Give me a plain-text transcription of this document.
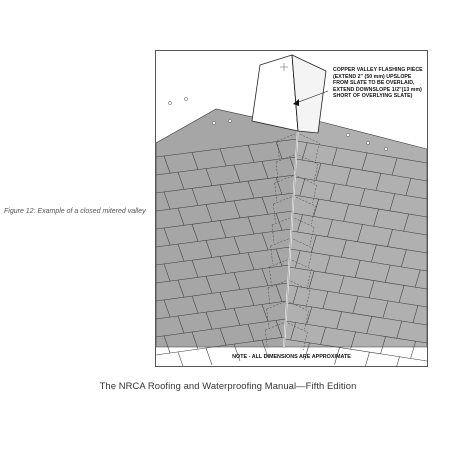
Figure 12: Example of a closed mitered valley
COPPER VALLEY FLASHING PIECE
(EXTEND 2" (50 mm) UPSLOPE
FROM SLATE TO BE OVERLAID,
EXTEND DOWNSLOPE 1/2"(13 mm)
SHORT OF OVERLYING SLATE)
NOTE - ALL DIMENSIONS ARE APPROXIMATE
The NRCA Roofing and Waterproofing Manual—Fifth Edition
